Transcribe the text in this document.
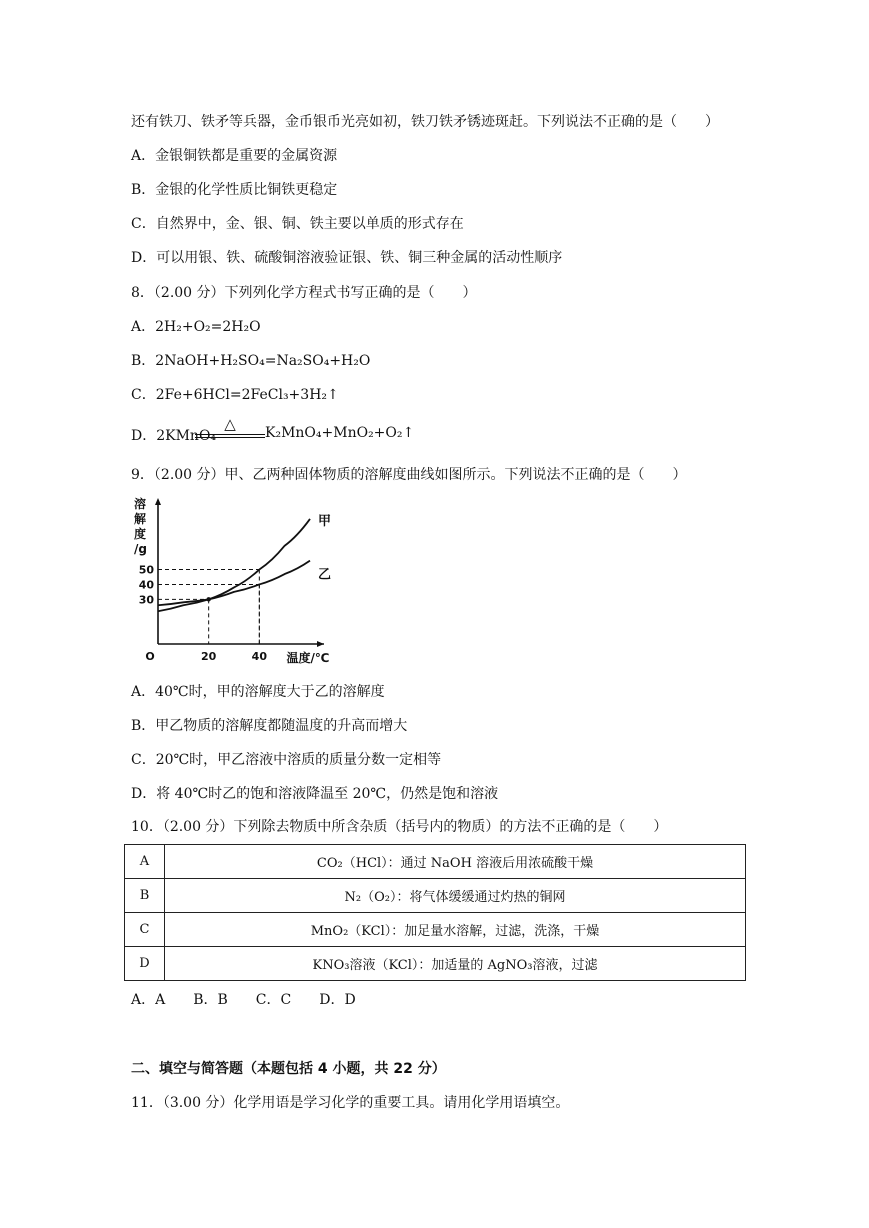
还有铁刀、铁矛等兵器，金币银币光亮如初，铁刀铁矛锈迹斑赶。下列说法不正确的是（　　）
A．金银铜铁都是重要的金属资源
B．金银的化学性质比铜铁更稳定
C．自然界中，金、银、铜、铁主要以单质的形式存在
D．可以用银、铁、硫酸铜溶液验证银、铁、铜三种金属的活动性顺序
8．（2.00 分）下列列化学方程式书写正确的是（　　）
A．2H₂+O₂=2H₂O
B．2NaOH+H₂SO₄=Na₂SO₄+H₂O
C．2Fe+6HCl=2FeCl₃+3H₂↑
D．2KMnO₄
△	K₂MnO₄+MnO₂+O₂↑
9．（2.00 分）甲、乙两种固体物质的溶解度曲线如图所示。下列说法不正确的是（　　）
甲
乙
溶
解
度
/g
30
40
50
20	40
O	温度/℃
A．40℃时，甲的溶解度大于乙的溶解度
B．甲乙物质的溶解度都随温度的升高而增大
C．20℃时，甲乙溶液中溶质的质量分数一定相等
D．将 40℃时乙的饱和溶液降温至 20℃，仍然是饱和溶液
10．（2.00 分）下列除去物质中所含杂质（括号内的物质）的方法不正确的是（　　）
A	CO₂（HCl）：通过 NaOH 溶液后用浓硫酸干燥
B	N₂（O₂）：将气体缓缓通过灼热的铜网
C	MnO₂（KCl）：加足量水溶解，过滤，洗涤，干燥
D	KNO₃溶液（KCl）：加适量的 AgNO₃溶液，过滤
A．A　　B．B　　C．C　　D．D
二、填空与简答题（本题包括 4 小题，共 22 分）
11．（3.00 分）化学用语是学习化学的重要工具。请用化学用语填空。
